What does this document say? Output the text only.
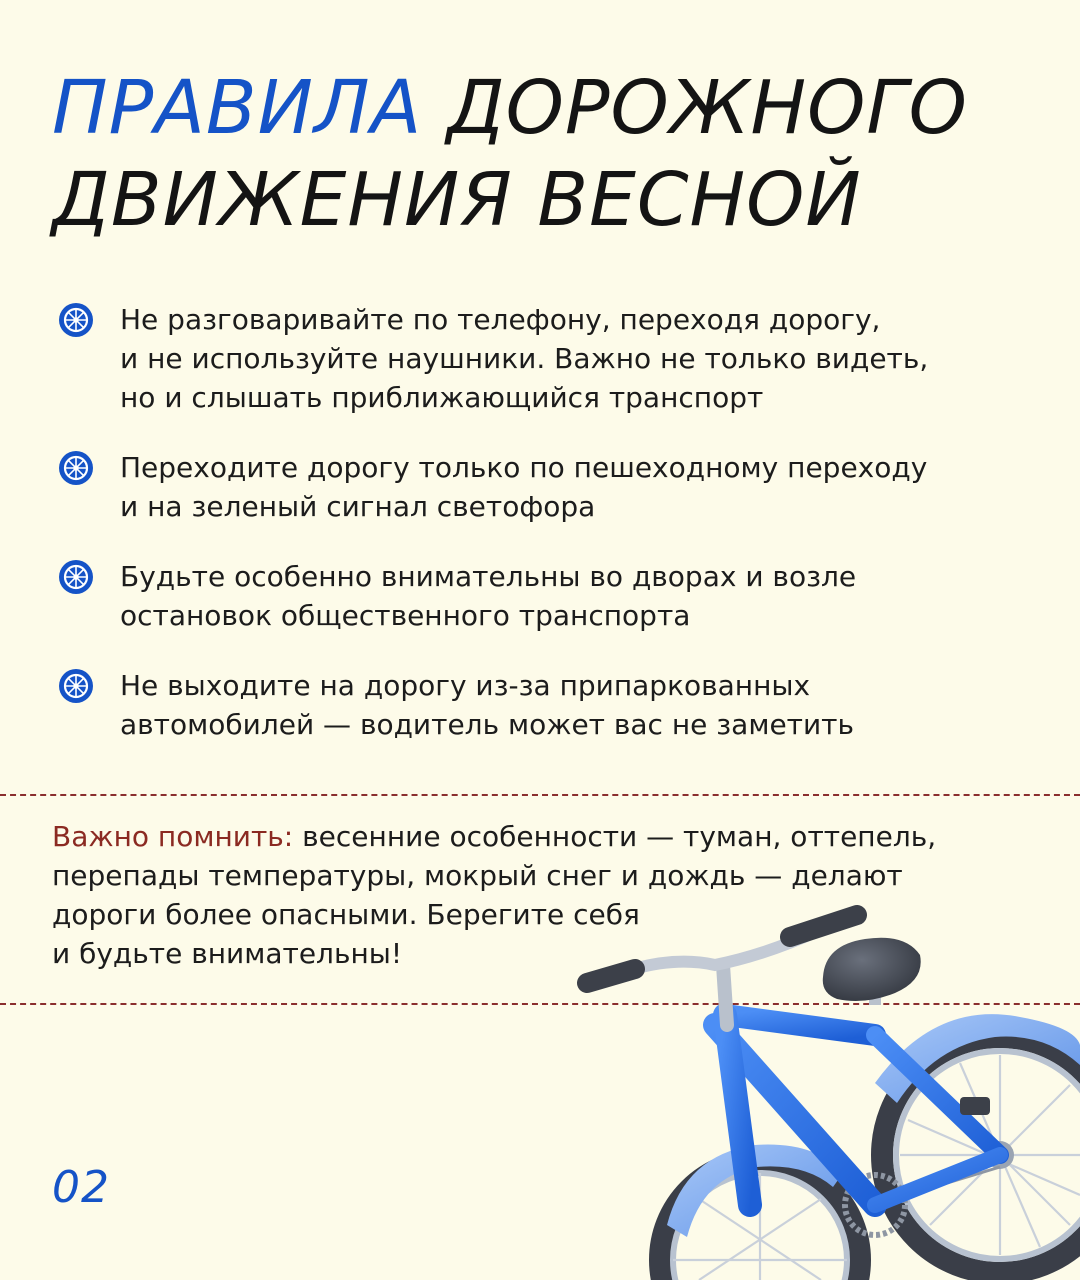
ПРАВИЛА ДОРОЖНОГО
ДВИЖЕНИЯ ВЕСНОЙ
Не разговаривайте по телефону, переходя дорогу,
и не используйте наушники. Важно не только видеть,
но и слышать приближающийся транспорт
Переходите дорогу только по пешеходному переходу
и на зеленый сигнал светофора
Будьте особенно внимательны во дворах и возле
остановок общественного транспорта
Не выходите на дорогу из-за припаркованных
автомобилей — водитель может вас не заметить

Важно помнить: весенние особенности — туман, оттепель,
перепады температуры, мокрый снег и дождь — делают
дороги более опасными. Берегите себя
и будьте внимательны!

02
